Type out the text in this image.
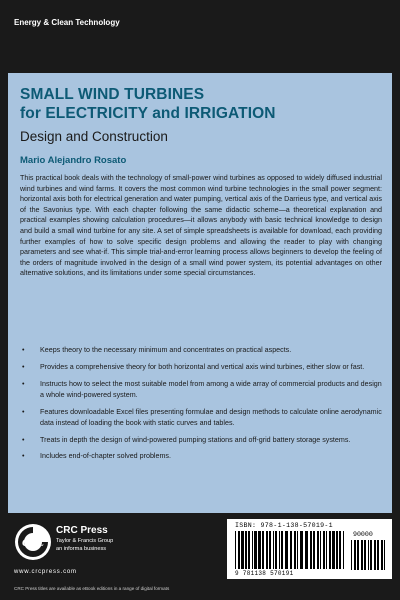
Energy & Clean Technology
SMALL WIND TURBINES
for ELECTRICITY and IRRIGATION
Design and Construction
Mario Alejandro Rosato

This practical book deals with the technology of small-power wind turbines as opposed to widely diffused industrial wind turbines and wind farms. It covers the most common wind turbine technologies in the small power segment: horizontal axis both for electrical generation and water pumping, vertical axis of the Darrieus type, and vertical axis of the Savonius type. With each chapter following the same didactic scheme—a theoretical explanation and practical examples showing calculation procedures—it allows anybody with basic technical knowledge to design and build a small wind turbine for any site. A set of simple spreadsheets is available for download, each providing further examples of how to solve specific design problems and allowing the reader to play with changing parameters and see what-if. This simple trial-and-error learning process allows beginners to develop the feeling of the orders of magnitude involved in the design of a small wind power system, its potential advantages on other alternative solutions, and its limitations under some special circumstances.

• Keeps theory to the necessary minimum and concentrates on practical aspects.
• Provides a comprehensive theory for both horizontal and vertical axis wind turbines, either slow or fast.
• Instructs how to select the most suitable model from among a wide array of commercial products and design a whole wind-powered system.
• Features downloadable Excel files presenting formulae and design methods to calculate online aerodynamic data instead of loading the book with static curves and tables.
• Treats in depth the design of wind-powered pumping stations and off-grid battery storage systems.
• Includes end-of-chapter solved problems.
CRC
CRC Press
Taylor & Francis Group
an informa business
www.crcpress.com
CRC Press titles are available as eBook editions in a range of digital formats
ISBN: 978-1-138-57019-1
90000
9 781138 570191
